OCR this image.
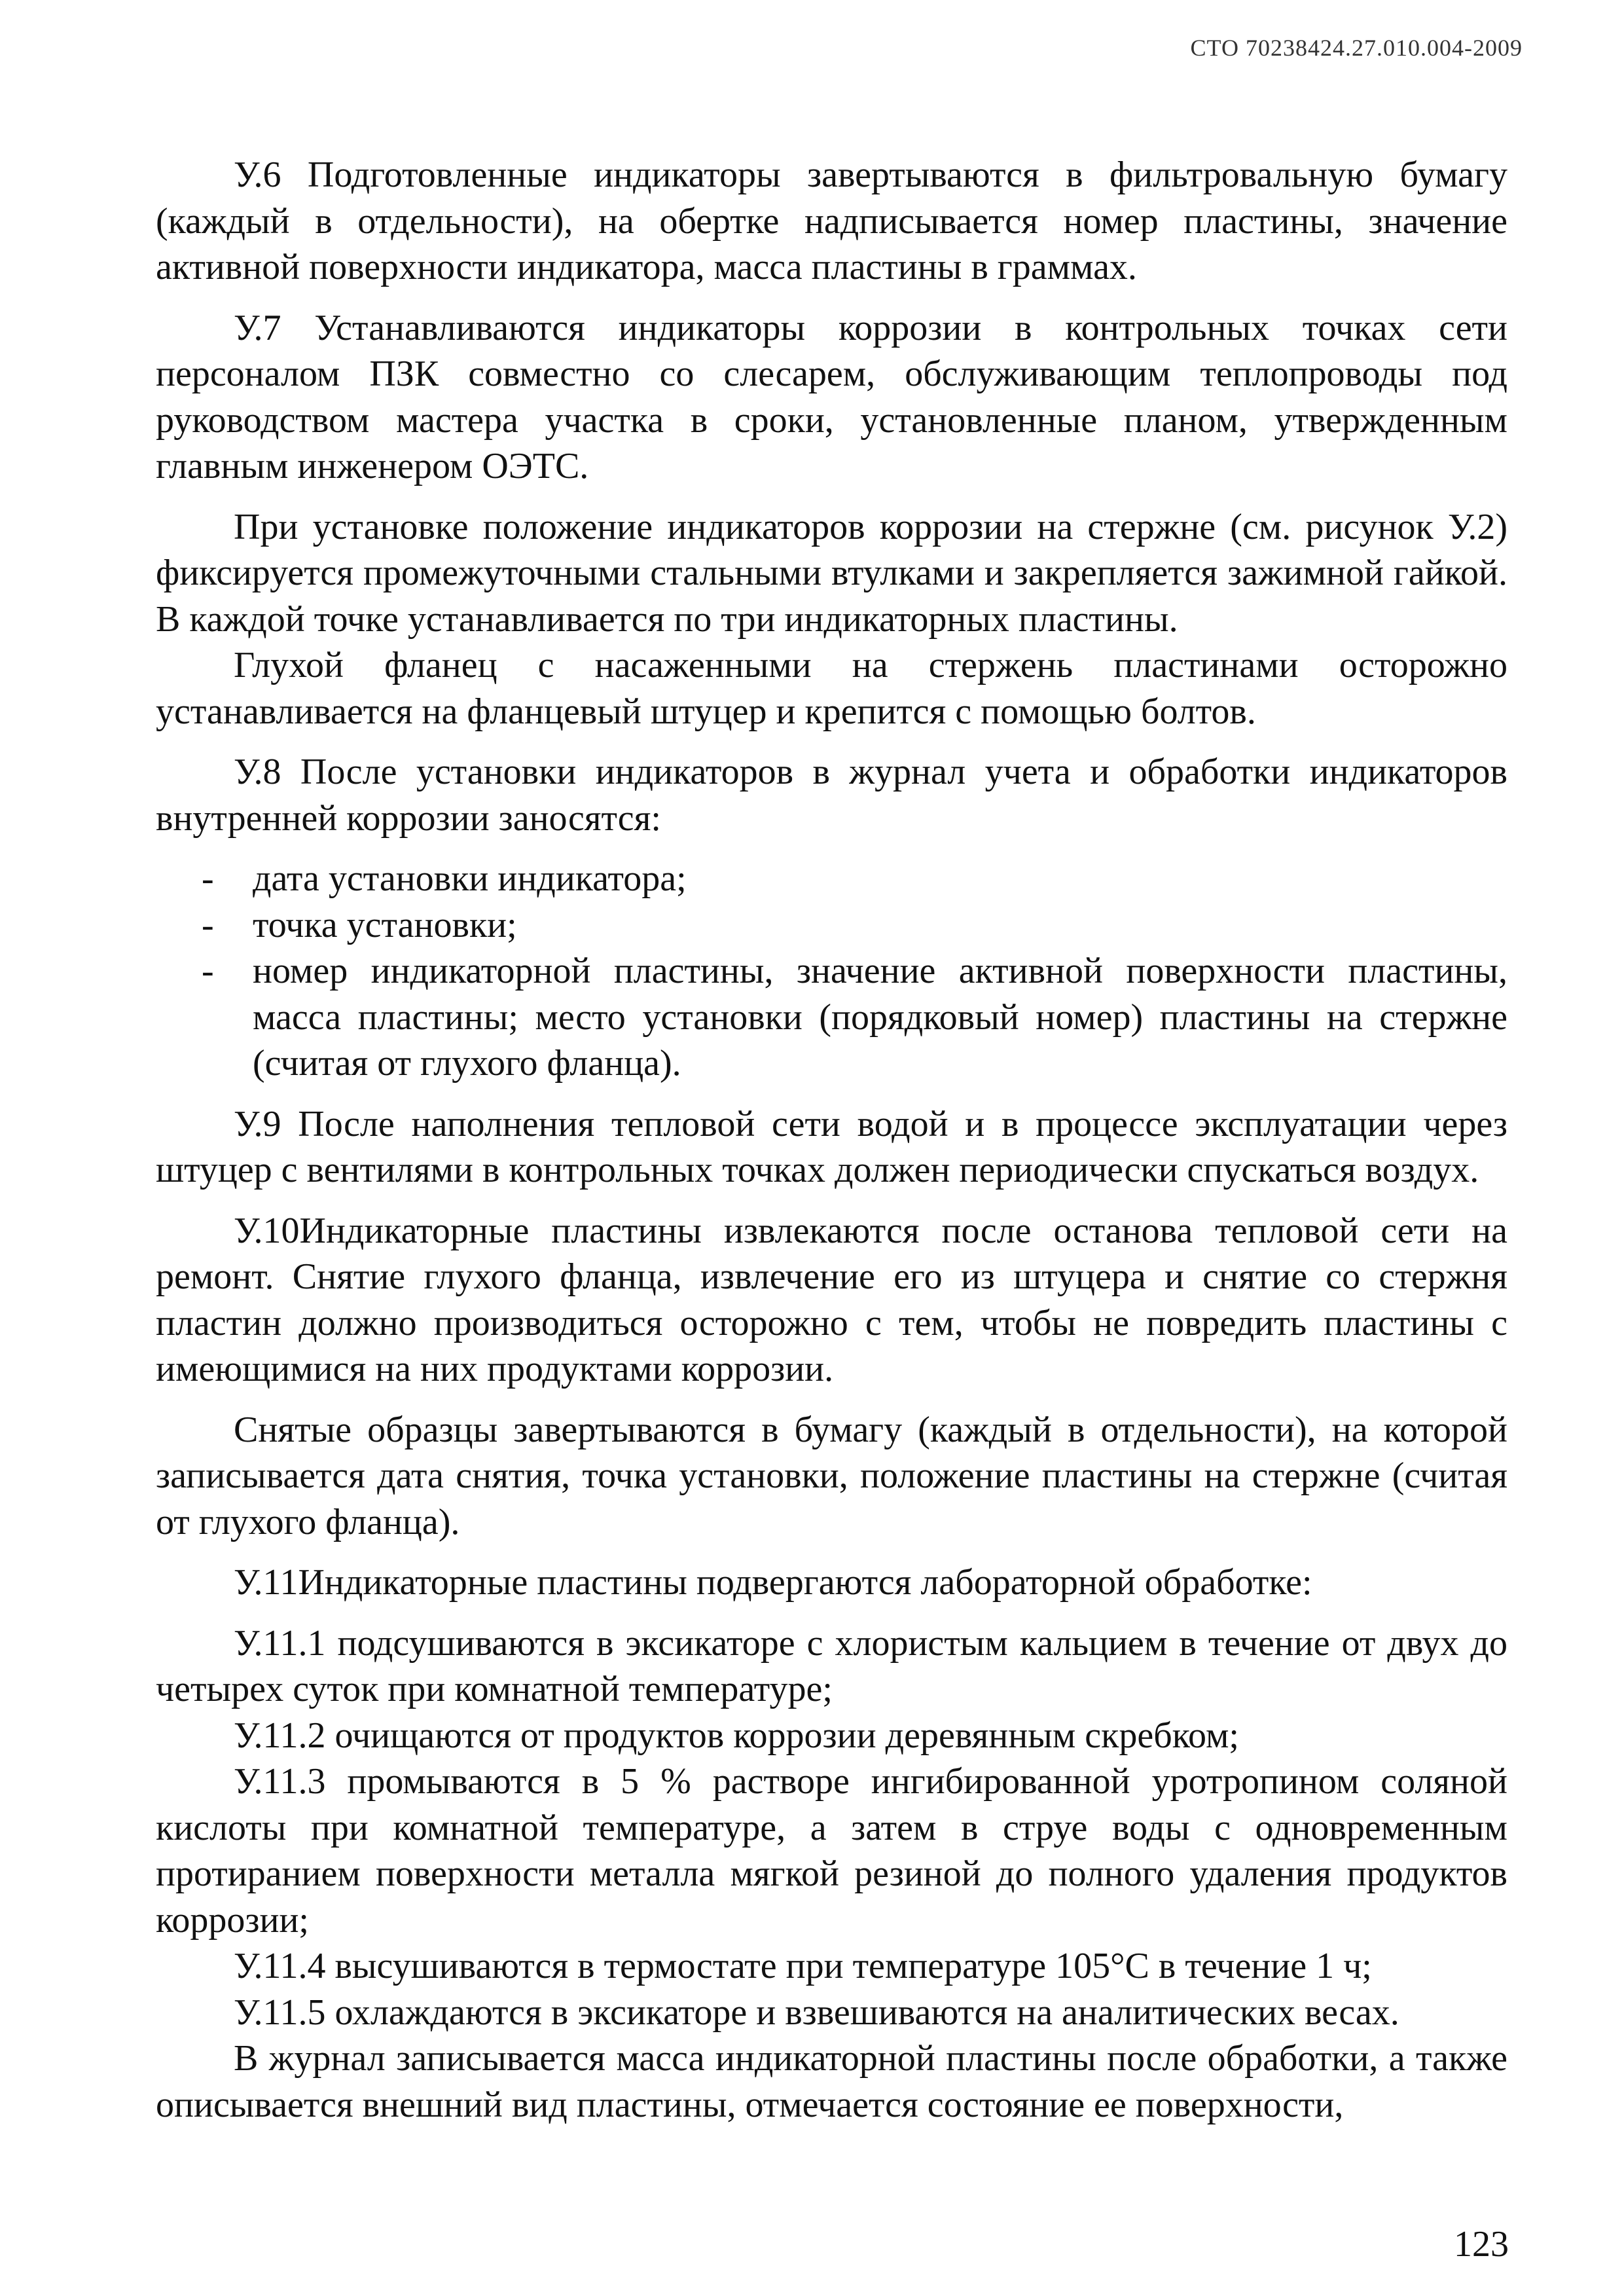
СТО 70238424.27.010.004-2009

У.6 Подготовленные индикаторы завертываются в фильтровальную бумагу (каждый в отдельности), на обертке надписывается номер пластины, значение активной поверхности индикатора, масса пластины в граммах.

У.7 Устанавливаются индикаторы коррозии в контрольных точках сети персоналом ПЗК совместно со слесарем, обслуживающим теплопроводы под руководством мастера участка в сроки, установленные планом, утвержденным главным инженером ОЭТС.

При установке положение индикаторов коррозии на стержне (см. рисунок У.2) фиксируется промежуточными стальными втулками и закрепляется зажимной гайкой. В каждой точке устанавливается по три индикаторных пластины.

Глухой фланец с насаженными на стержень пластинами осторожно устанавливается на фланцевый штуцер и крепится с помощью болтов.

У.8 После установки индикаторов в журнал учета и обработки индикаторов внутренней коррозии заносятся:

- дата установки индикатора;
- точка установки;
- номер индикаторной пластины, значение активной поверхности пластины, масса пластины; место установки (порядковый номер) пластины на стержне (считая от глухого фланца).

У.9 После наполнения тепловой сети водой и в процессе эксплуатации через штуцер с вентилями в контрольных точках должен периодически спускаться воздух.

У.10Индикаторные пластины извлекаются после останова тепловой сети на ремонт. Снятие глухого фланца, извлечение его из штуцера и снятие со стержня пластин должно производиться осторожно с тем, чтобы не повредить пластины с имеющимися на них продуктами коррозии.

Снятые образцы завертываются в бумагу (каждый в отдельности), на которой записывается дата снятия, точка установки, положение пластины на стержне (считая от глухого фланца).

У.11Индикаторные пластины подвергаются лабораторной обработке:

У.11.1 подсушиваются в эксикаторе с хлористым кальцием в течение от двух до четырех суток при комнатной температуре;

У.11.2 очищаются от продуктов коррозии деревянным скребком;

У.11.3 промываются в 5 % растворе ингибированной уротропином соляной кислоты при комнатной температуре, а затем в струе воды с одновременным протиранием поверхности металла мягкой резиной до полного удаления продуктов коррозии;

У.11.4 высушиваются в термостате при температуре 105°С в течение 1 ч;

У.11.5 охлаждаются в эксикаторе и взвешиваются на аналитических весах.

В журнал записывается масса индикаторной пластины после обработки, а также описывается внешний вид пластины, отмечается состояние ее поверхности,

123
